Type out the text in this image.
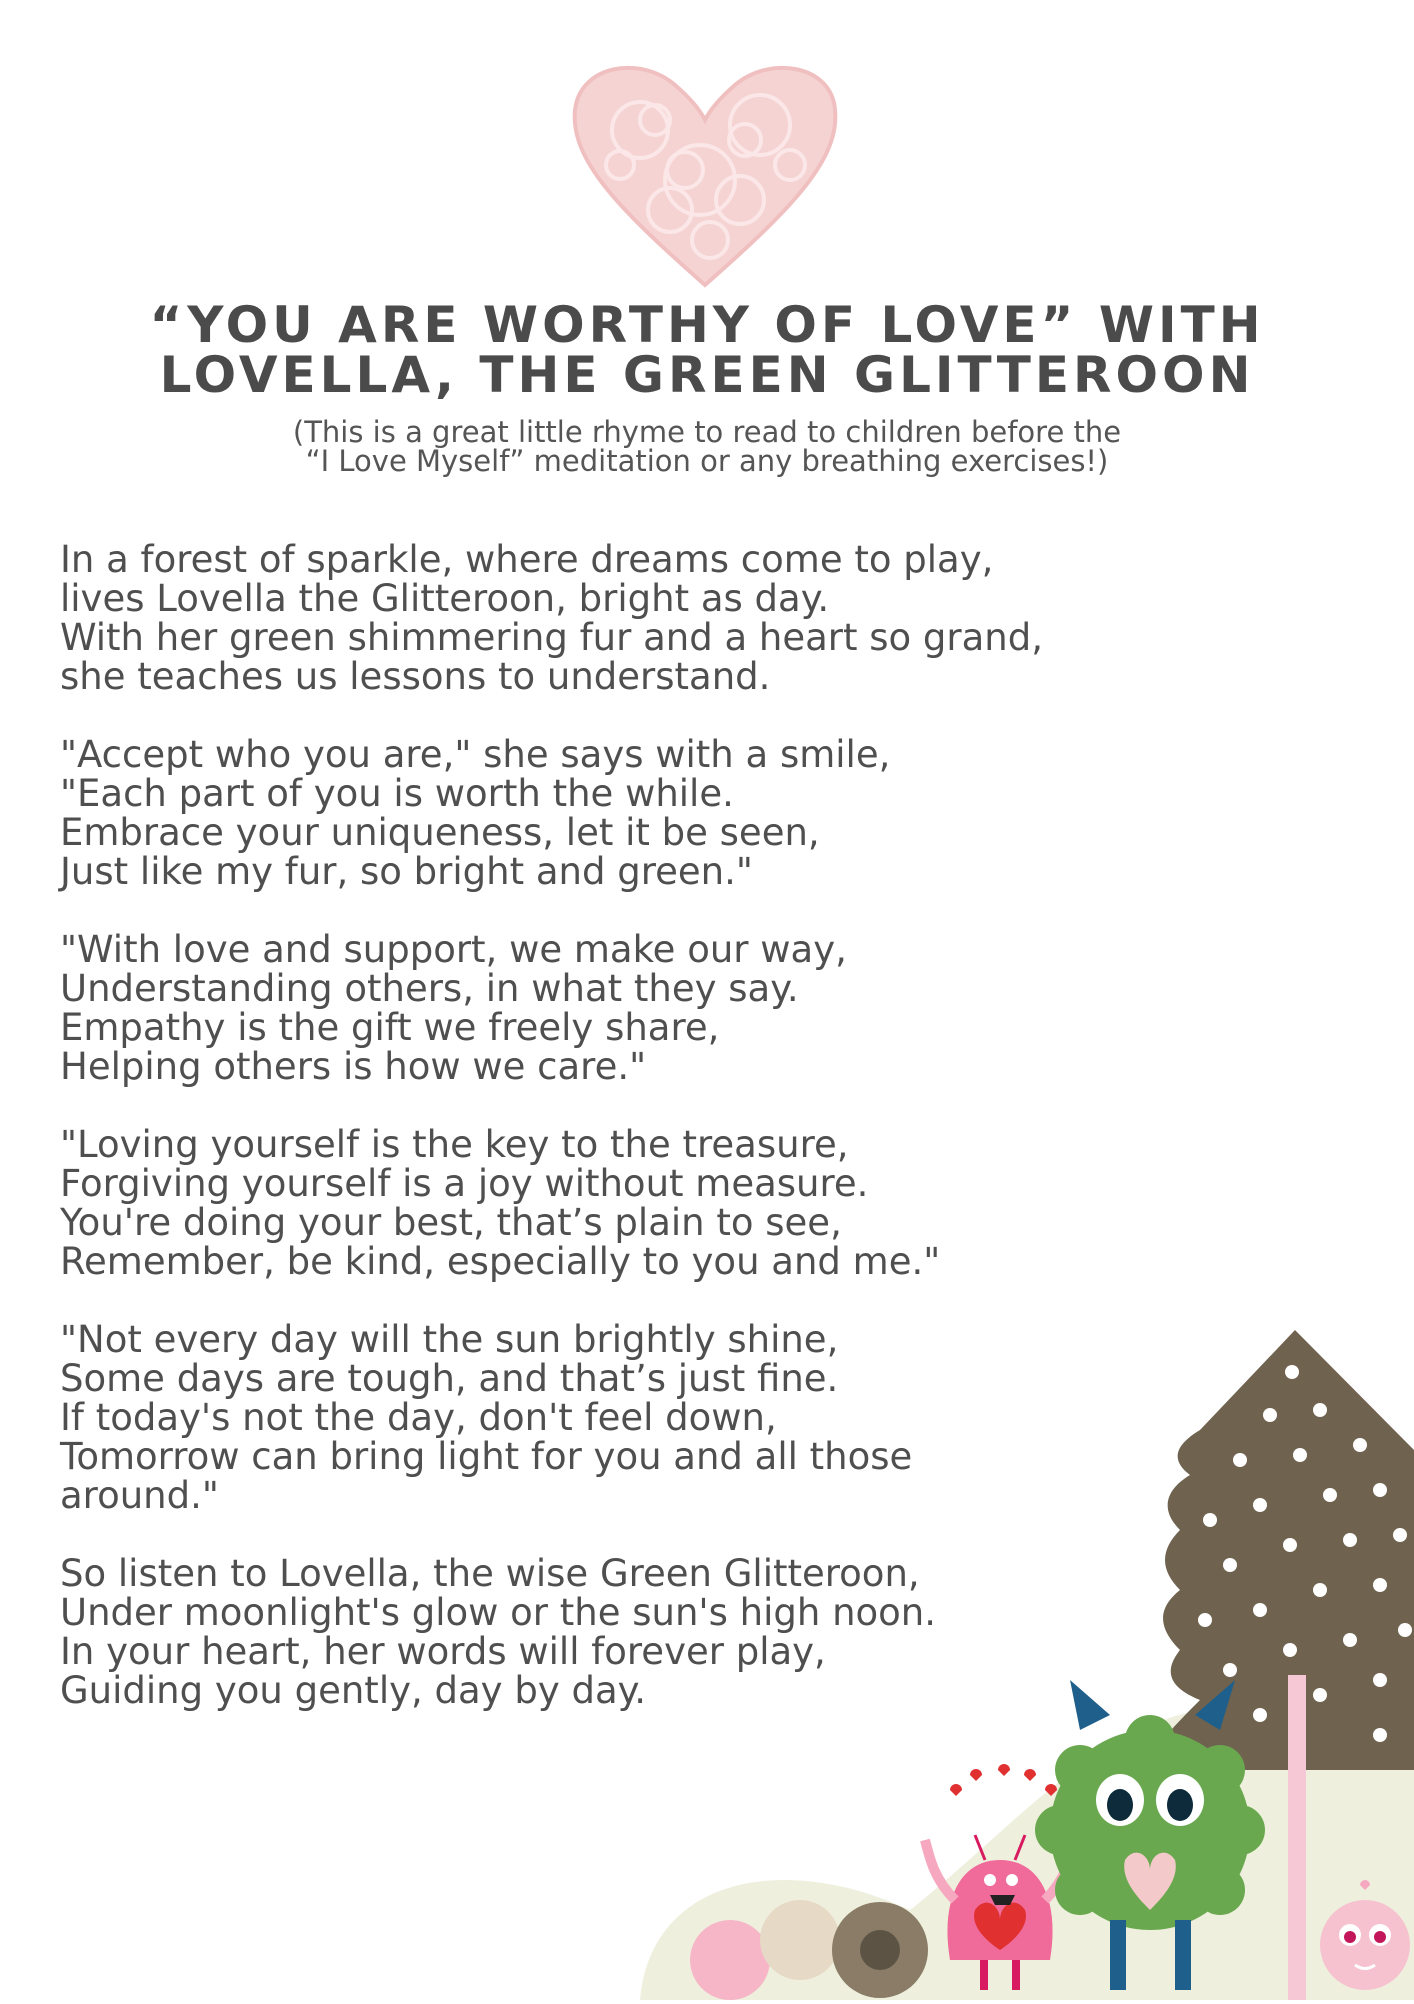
“YOU ARE WORTHY OF LOVE” WITH
LOVELLA, THE GREEN GLITTEROON

(This is a great little rhyme to read to children before the
“I Love Myself” meditation or any breathing exercises!)

In a forest of sparkle, where dreams come to play,
lives Lovella the Glitteroon, bright as day.
With her green shimmering fur and a heart so grand,
she teaches us lessons to understand.
"Accept who you are," she says with a smile,
"Each part of you is worth the while.
Embrace your uniqueness, let it be seen,
Just like my fur, so bright and green."
"With love and support, we make our way,
Understanding others, in what they say.
Empathy is the gift we freely share,
Helping others is how we care."
"Loving yourself is the key to the treasure,
Forgiving yourself is a joy without measure.
You're doing your best, that’s plain to see,
Remember, be kind, especially to you and me."
"Not every day will the sun brightly shine,
Some days are tough, and that’s just fine.
If today's not the day, don't feel down,
Tomorrow can bring light for you and all those
around."
So listen to Lovella, the wise Green Glitteroon,
Under moonlight's glow or the sun's high noon.
In your heart, her words will forever play,
Guiding you gently, day by day.
